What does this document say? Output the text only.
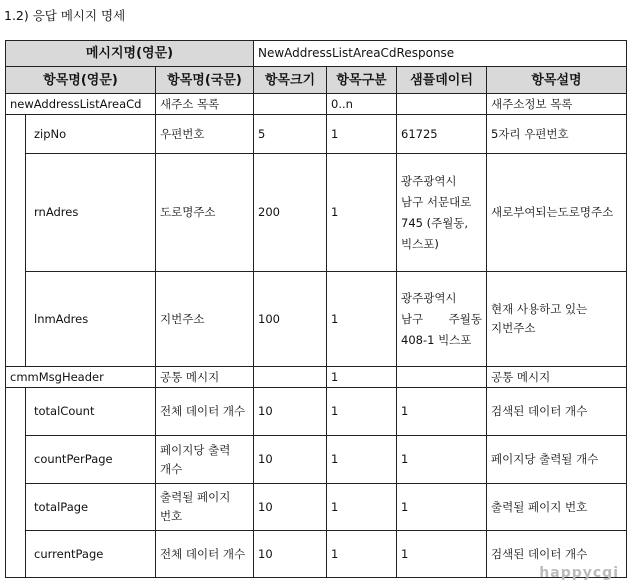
1.2) 응답 메시지 명세
메시지명(영문)			NewAddressListAreaCdResponse			
항목명(영문)		항목명(국문)	항목크기	항목구분	샘플데이터	항목설명
newAddressListAreaCd		새주소 목록		0..n		새주소정보 목록
	zipNo	우편번호	5	1	61725	5자리 우편번호
	rnAdres	도로명주소	200	1	광주광역시 남구 서문대로 745 (주월동, 빅스포)	새로부여되는도로명주소
	lnmAdres	지번주소	100	1	광주광역시 남구 주월동 408-1 빅스포	현재 사용하고 있는 지번주소
cmmMsgHeader		공통 메시지		1		공통 메시지
	totalCount	전체 데이터 개수	10	1	1	검색된 데이터 개수
	countPerPage	페이지당 출력 개수	10	1	1	페이지당 출력될 개수
	totalPage	출력될 페이지 번호	10	1	1	출력될 페이지 번호
	currentPage	전체 데이터 개수	10	1	1	검색된 데이터 개수
happycgi
